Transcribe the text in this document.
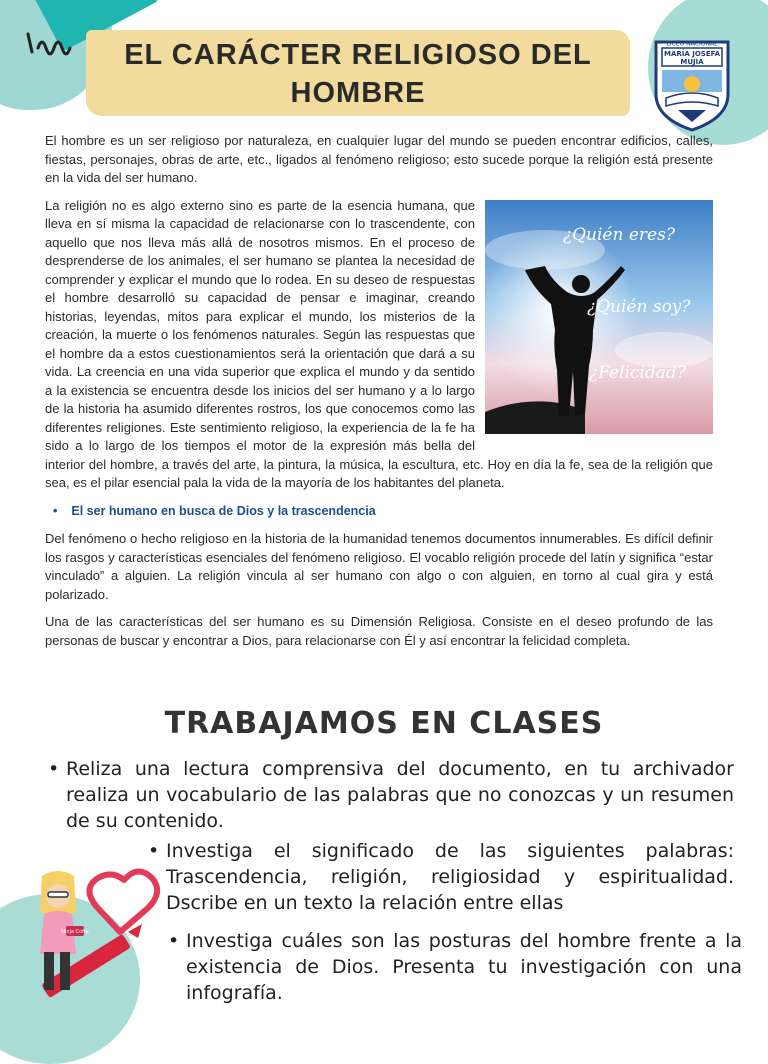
EL CARÁCTER RELIGIOSO DEL
HOMBRE
LICEO NACIONAL
MARÍA JOSEFA
MUJÍA

El hombre es un ser religioso por naturaleza, en cualquier lugar del mundo se pueden encontrar edificios, calles, fiestas, personajes, obras de arte, etc., ligados al fenómeno religioso; esto sucede porque la religión está presente en la vida del ser humano.

¿Quién eres?
¿Quién soy?
¿Felicidad?
La religión no es algo externo sino es parte de la esencia humana, que lleva en sí misma la capacidad de relacionarse con lo trascendente, con aquello que nos lleva más allá de nosotros mismos. En el proceso de desprenderse de los animales, el ser humano se plantea la necesidad de comprender y explicar el mundo que lo rodea. En su deseo de respuestas el hombre desarrolló su capacidad de pensar e imaginar, creando historias, leyendas, mitos para explicar el mundo, los misterios de la creación, la muerte o los fenómenos naturales. Según las respuestas que el hombre da a estos cuestionamientos será la orientación que dará a su vida. La creencia en una vida superior que explica el mundo y da sentido a la existencia se encuentra desde los inicios del ser humano y a lo largo de la historia ha asumido diferentes rostros, los que conocemos como las diferentes religiones. Este sentimiento religioso, la experiencia de la fe ha sido a lo largo de los tiempos el motor de la expresión más bella del interior del hombre, a través del arte, la pintura, la música, la escultura, etc. Hoy en día la fe, sea de la religión que sea, es el pilar esencial pala la vida de la mayoría de los habitantes del planeta.

• El ser humano en busca de Dios y la trascendencia

Del fenómeno o hecho religioso en la historia de la humanidad tenemos documentos innumerables. Es difícil definir los rasgos y características esenciales del fenómeno religioso. El vocablo religión procede del latín y significa “estar vinculado” a alguien. La religión vincula al ser humano con algo o con alguien, en torno al cual gira y está polarizado.

Una de las características del ser humano es su Dimensión Religiosa. Consiste en el deseo profundo de las personas de buscar y encontrar a Dios, para relacionarse con Él y así encontrar la felicidad completa.

TRABAJAMOS EN CLASES

• Reliza una lectura comprensiva del documento, en tu archivador realiza un vocabulario de las palabras que no conozcas y un resumen de su contenido.

• Investiga el significado de las siguientes palabras: Trascendencia, religión, religiosidad y espiritualidad. Dscribe en un texto la relación entre ellas

• Investiga cuáles son las posturas del hombre frente a la existencia de Dios. Presenta tu investigación con una infografía.

Ninja Coffe
